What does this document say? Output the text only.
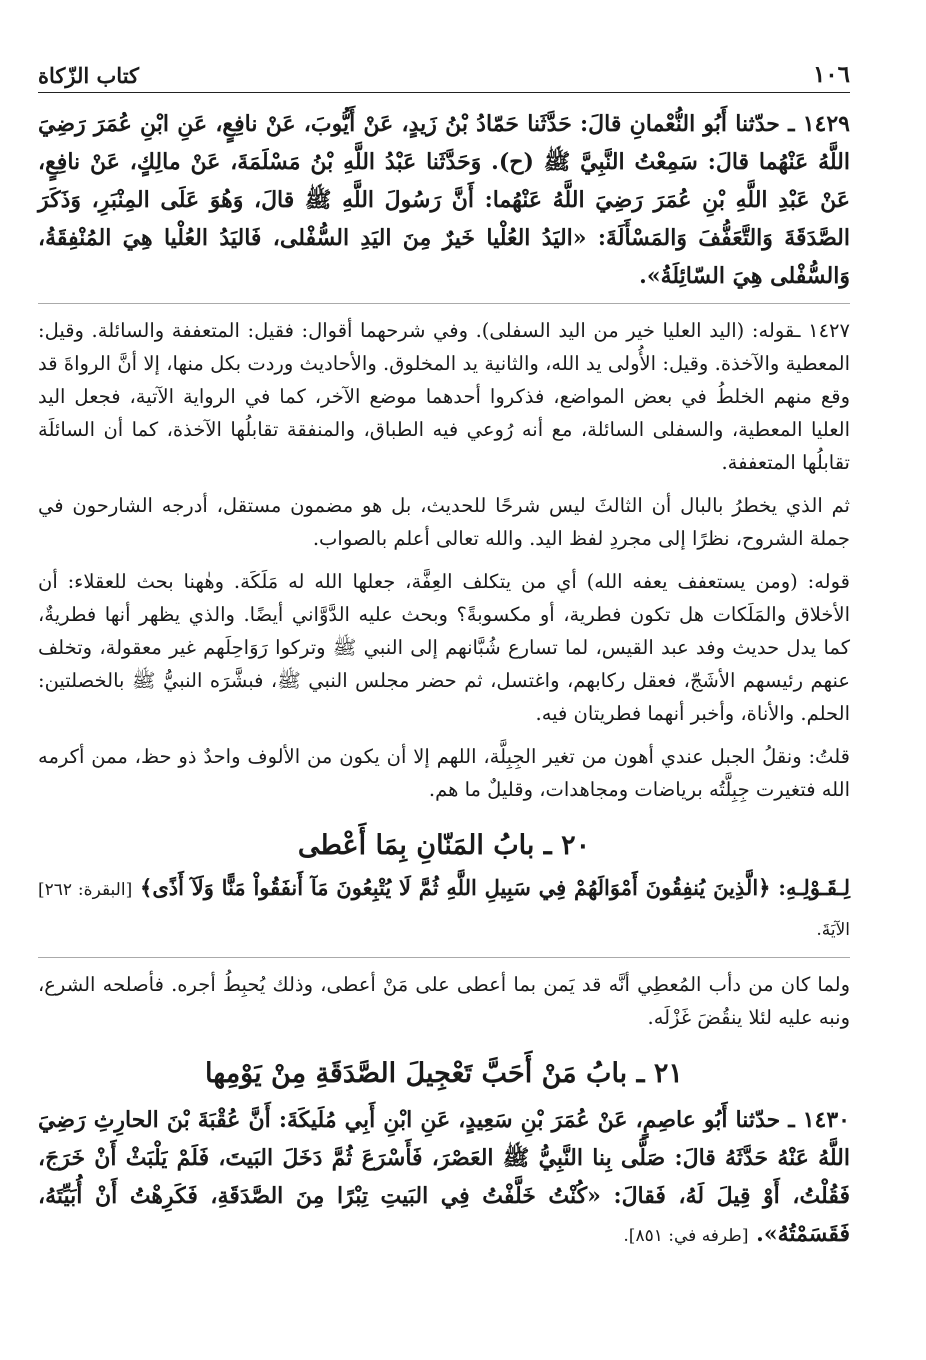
١٠٦
كتاب الزّكاة

١٤٢٩ ـ حدّثنا أَبُو النُّعْمانِ قالَ: حَدَّثَنا حَمّادُ بْنُ زَيدٍ، عَنْ أَيُّوبَ، عَنْ نافِعٍ، عَنِ ابْنِ عُمَرَ رَضِيَ اللَّهُ عَنْهُما قالَ: سَمِعْتُ النَّبِيَّ ﷺ (ح). وَحَدَّثَنا عَبْدُ اللَّهِ بْنُ مَسْلَمَةَ، عَنْ مالِكٍ، عَنْ نافِعٍ، عَنْ عَبْدِ اللَّهِ بْنِ عُمَرَ رَضِيَ اللَّهُ عَنْهُما: أَنَّ رَسُولَ اللَّهِ ﷺ قالَ، وَهُوَ عَلَى المِنْبَرِ، وَذَكَرَ الصَّدَقَةَ وَالتَّعَفُّفَ وَالمَسْأَلَةَ: «اليَدُ العُلْيا خَيرٌ مِنَ اليَدِ السُّفْلى، فَاليَدُ العُلْيا هِيَ المُنْفِقَةُ، وَالسُّفْلى هِيَ السّائِلَةُ».

١٤٢٧ ـقوله: (اليد العليا خير من اليد السفلى). وفي شرحهما أقوال: فقيل: المتعففة والسائلة. وقيل: المعطية والآخذة. وقيل: الأُولى يد الله، والثانية يد المخلوق. والأحاديث وردت بكل منها، إلا أنَّ الرواةَ قد وقع منهم الخلطُ في بعض المواضع، فذكروا أحدهما موضع الآخر، كما في الرواية الآتية، فجعل اليد العليا المعطية، والسفلى السائلة، مع أنه رُوعي فيه الطباق، والمنفقة تقابلُها الآخذة، كما أن السائلَة تقابلُها المتعففة.

ثم الذي يخطرُ بالبال أن الثالثَ ليس شرحًا للحديث، بل هو مضمون مستقل، أدرجه الشارحون في جملة الشروح، نظرًا إلى مجردِ لفظ اليد. والله تعالى أعلم بالصواب.

قوله: (ومن يستعفف يعفه الله) أي من يتكلف العِفَّة، جعلها الله له مَلَكَة. وهٰهنا بحث للعقلاء: أن الأخلاق والمَلَكات هل تكون فطرية، أو مكسوبةً؟ وبحث عليه الدَّوَّاني أيضًا. والذي يظهر أنها فطريةٌ، كما يدل حديث وفد عبد القيس، لما تسارع شُبَّانهم إلى النبي ﷺ وتركوا رَوَاحِلَهم غير معقولة، وتخلف عنهم رئيسهم الأشَجّ، فعقل ركابهم، واغتسل، ثم حضر مجلس النبي ﷺ، فبشَّرَه النبيُّ ﷺ بالخصلتين: الحلم. والأناة، وأخبر أنهما فطريتان فيه.

قلتُ: ونقلُ الجبل عندي أهون من تغير الجِبِلَّة، اللهم إلا أن يكون من الألوف واحدٌ ذو حظ، ممن أكرمه الله فتغيرت جِبِلَّتُه برياضات ومجاهدات، وقليلٌ ما هم.

٢٠ ـ بابُ المَنّانِ بِمَا أَعْطى

لِـقَـوْلِـهِ: ﴿الَّذِينَ يُنفِقُونَ أَمْوَالَهُمْ فِي سَبِيلِ اللَّهِ ثُمَّ لَا يُتْبِعُونَ مَآ أَنفَقُواْ مَنًّا وَلَآ أَذًى﴾ [البقرة: ٢٦٢] الآيَةَ.

ولما كان من دأب المُعطِي أنَّه قد يَمن بما أعطى على مَنْ أعطى، وذلك يُحبِطُ أجره. فأصلحه الشرع، ونبه عليه لئلا ينقُضَ غَزْلَه.

٢١ ـ بابُ مَنْ أَحَبَّ تَعْجِيلَ الصَّدَقَةِ مِنْ يَوْمِها

١٤٣٠ ـ حدّثنا أَبُو عاصِمٍ، عَنْ عُمَرَ بْنِ سَعِيدٍ، عَنِ ابْنِ أَبِي مُلَيكَةَ: أَنَّ عُقْبَةَ بْنَ الحارِثِ رَضِيَ اللَّهُ عَنْهُ حَدَّثَهُ قالَ: صَلَّى بِنا النَّبِيُّ ﷺ العَصْرَ، فَأَسْرَعَ ثُمَّ دَخَلَ البَيتَ، فَلَمْ يَلْبَثْ أَنْ خَرَجَ، فَقُلْتُ، أَوْ قِيلَ لَهُ، فَقالَ: «كُنْتُ خَلَّفْتُ فِي البَيتِ تِبْرًا مِنَ الصَّدَقَةِ، فَكَرِهْتُ أَنْ أُبَيِّتَهُ، فَقَسَمْتُهُ». [طرفه في: ٨٥١].
